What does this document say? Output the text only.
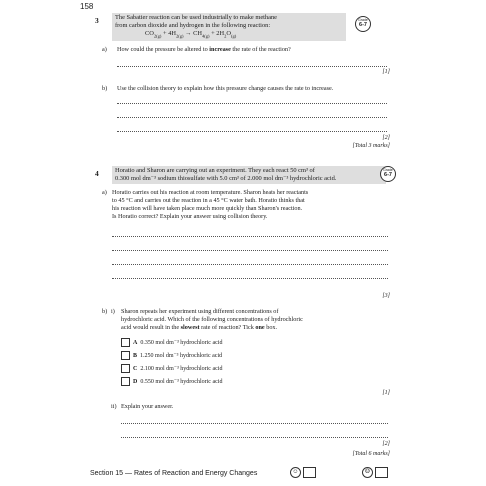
158
3	The Sabatier reaction can be used industrially to make methane
from carbon dioxide and hydrogen in the following reaction:
$CO_{2(g)} + 4H_{2(g)} \to CH_{4(g)} + 2H_2O_{(g)}$
Grade
6-7
a) How could the pressure be altered to increase the rate of the reaction?
[1]
b) Use the collision theory to explain how this pressure change causes the rate to increase.
[2]
[Total 3 marks]
4	Horatio and Sharon are carrying out an experiment. They each react 50 cm³ of
0.300 mol dm⁻³ sodium thiosulfate with 5.0 cm³ of 2.000 mol dm⁻³ hydrochloric acid.
Grade
6-7
a) Horatio carries out his reaction at room temperature. Sharon heats her reactants
to 45 °C and carries out the reaction in a 45 °C water bath. Horatio thinks that
his reaction will have taken place much more quickly than Sharon's reaction.
Is Horatio correct? Explain your answer using collision theory.
[3]
b) i) Sharon repeats her experiment using different concentrations of
hydrochloric acid. Which of the following concentrations of hydrochloric
acid would result in the slowest rate of reaction? Tick one box.
A 0.350 mol dm⁻³ hydrochloric acid
B 1.250 mol dm⁻³ hydrochloric acid
C 2.100 mol dm⁻³ hydrochloric acid
D 0.550 mol dm⁻³ hydrochloric acid
[1]
ii) Explain your answer.
[2]
[Total 6 marks]
Section 15 — Rates of Reaction and Energy Changes	☺	☹
